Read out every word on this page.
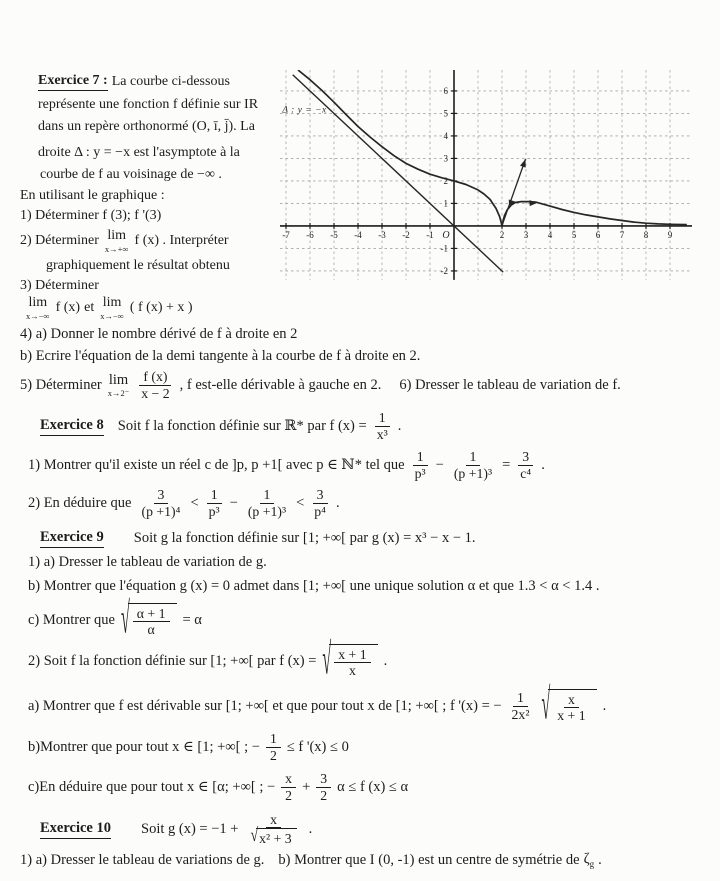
Exercice 7 : La courbe ci-dessous
représente une fonction f définie sur IR
dans un repère orthonormé (O, ī, j̄). La
droite Δ : y = −x est l'asymptote à la
courbe de f au voisinage de −∞ .
En utilisant le graphique :
1) Déterminer f (3); f '(3)
2) Déterminer lim
x→+∞
f (x) . Interpréter
graphiquement le résultat obtenu
3) Déterminer
lim
x→−∞
f (x) et lim
x→−∞
( f (x) + x )
-7 -6 -5 -4 -3 -2 -1	2 3 4 5 6 7 8 9
1
2
3
4
5
6
-1
-2
O
Δ : y = −x
4) a) Donner le nombre dérivé de f à droite en 2
b) Ecrire l'équation de la demi tangente à la courbe de f à droite en 2.
5) Déterminer lim
$x\to 2^- \frac{f (x)}{x - 2}$ , f est-elle dérivable à gauche en 2. 6) Dresser le tableau de variation de f.
Exercice 8 Soit f la fonction définie sur ℝ* par f $(x) = \frac{1}{\text{x³}}$ .
1) Montrer qu'il existe un réel c de ]p, p +1[ avec p ∈ ℕ* tel que $\frac{1}{\text{p³}} - \frac{1}{\text{(p +1)³}} = \frac{3}{\text{c⁴}}$ .
2) En déduire que $\frac{3}{\text{(p +1)⁴}} < \frac{1}{\text{p³}} - \frac{1}{\text{(p +1)³}} < \frac{3}{\text{p⁴}}$ .
Exercice 9 Soit g la fonction définie sur [1; +∞[ par g (x) = x³ − x − 1.
1) a) Dresser le tableau de variation de g.
b) Montrer que l'équation g (x) = 0 admet dans [1; +∞[ une unique solution α et que 1.3 < α < 1.4 .
c) Montrer que √ $\frac{\alpha + 1}{\alpha} = \alpha$
2) Soit f la fonction définie sur [1; +∞[ par f (x) = √ $\frac{x + 1}{x}$ .
a) Montrer que f est dérivable sur [1; +∞[ et que pour tout x de [1; +∞[ ; f '(x) = − $\frac{1}{\text{2x²}}$ √ $\frac{x}{x + 1}$ .
b)Montrer que pour tout x ∈ [1; +∞[ ; − $\frac{1}{2} \le f$ '(x) ≤ 0
c)En déduire que pour tout x ∈ [α; +∞[ ; − $\frac{x}{2} + \frac{3}{2}$ α ≤ f (x) ≤ α
Exercice 10 Soit g $(x) = -1 + \frac{x}{\text{√ x² + 3}}$ .
1) a) Dresser le tableau de variations de g. b) Montrer que I (0, -1) est un centre de symétrie de $\zeta_g$ .
